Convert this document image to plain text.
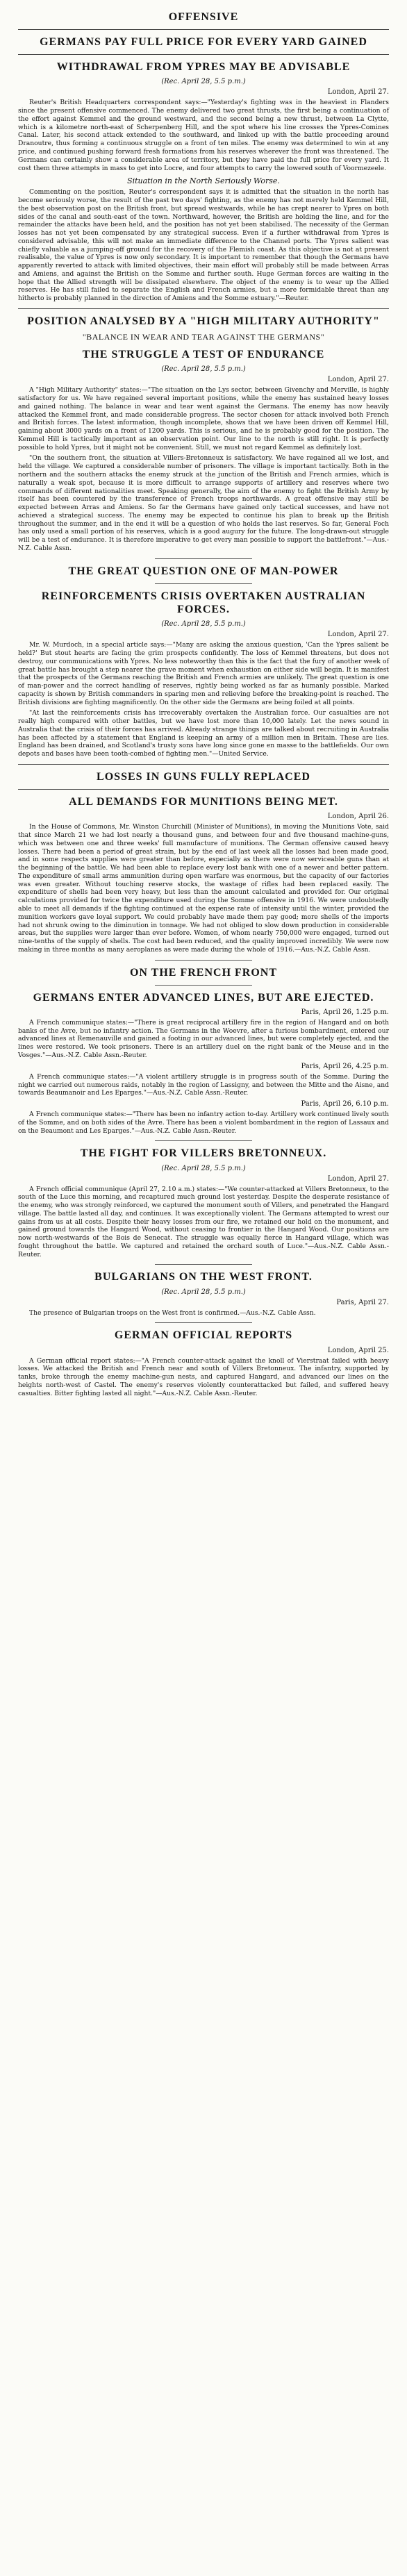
OFFENSIVE
GERMANS PAY FULL PRICE FOR EVERY YARD GAINED
WITHDRAWAL FROM YPRES MAY BE ADVISABLE
(Rec. April 28, 5.5 p.m.)
London, April 27.

Reuter's British Headquarters correspondent says:—"Yesterday's fighting was in the heaviest in Flanders since the present offensive commenced. The enemy delivered two great thrusts, the first being a continuation of the effort against Kemmel and the ground westward, and the second being a new thrust, between La Clytte, which is a kilometre north-east of Scherpenberg Hill, and the spot where his line crosses the Ypres-Comines Canal. Later, his second attack extended to the southward, and linked up with the battle proceeding around Dranoutre, thus forming a continuous struggle on a front of ten miles. The enemy was determined to win at any price, and continued pushing forward fresh formations from his reserves wherever the front was threatened. The Germans can certainly show a considerable area of territory, but they have paid the full price for every yard. It cost them three attempts in mass to get into Locre, and four attempts to carry the lowered south of Voormezeele.

Situation in the North Seriously Worse.

Commenting on the position, Reuter's correspondent says it is admitted that the situation in the north has become seriously worse, the result of the past two days' fighting, as the enemy has not merely held Kemmel Hill, the best observation post on the British front, but spread westwards, while he has crept nearer to Ypres on both sides of the canal and south-east of the town. Northward, however, the British are holding the line, and for the remainder the attacks have been held, and the position has not yet been stabilised. The necessity of the German losses has not yet been compensated by any strategical success. Even if a further withdrawal from Ypres is considered advisable, this will not make an immediate difference to the Channel ports. The Ypres salient was chiefly valuable as a jumping-off ground for the recovery of the Flemish coast. As this objective is not at present realisable, the value of Ypres is now only secondary. It is important to remember that though the Germans have apparently reverted to attack with limited objectives, their main effort will probably still be made between Arras and Amiens, and against the British on the Somme and further south. Huge German forces are waiting in the hope that the Allied strength will be dissipated elsewhere. The object of the enemy is to wear up the Allied reserves. He has still failed to separate the English and French armies, but a more formidable threat than any hitherto is probably planned in the direction of Amiens and the Somme estuary."—Reuter.

POSITION ANALYSED BY A "HIGH MILITARY AUTHORITY"
"BALANCE IN WEAR AND TEAR AGAINST THE GERMANS"
THE STRUGGLE A TEST OF ENDURANCE
(Rec. April 28, 5.5 p.m.)
London, April 27.

A "High Military Authority" states:—"The situation on the Lys sector, between Givenchy and Merville, is highly satisfactory for us. We have regained several important positions, while the enemy has sustained heavy losses and gained nothing. The balance in wear and tear went against the Germans. The enemy has now heavily attacked the Kemmel front, and made considerable progress. The sector chosen for attack involved both French and British forces. The latest information, though incomplete, shows that we have been driven off Kemmel Hill, gaining about 3000 yards on a front of 1200 yards. This is serious, and he is probably good for the position. The Kemmel Hill is tactically important as an observation point. Our line to the north is still right. It is perfectly possible to hold Ypres, but it might not be convenient. Still, we must not regard Kemmel as definitely lost.

"On the southern front, the situation at Villers-Bretonneux is satisfactory. We have regained all we lost, and held the village. We captured a considerable number of prisoners. The village is important tactically. Both in the northern and the southern attacks the enemy struck at the junction of the British and French armies, which is naturally a weak spot, because it is more difficult to arrange supports of artillery and reserves where two commands of different nationalities meet. Speaking generally, the aim of the enemy to fight the British Army by itself has been countered by the transference of French troops northwards. A great offensive may still be expected between Arras and Amiens. So far the Germans have gained only tactical successes, and have not achieved a strategical success. The enemy may be expected to continue his plan to break up the British throughout the summer, and in the end it will be a question of who holds the last reserves. So far, General Foch has only used a small portion of his reserves, which is a good augury for the future. The long-drawn-out struggle will be a test of endurance. It is therefore imperative to get every man possible to support the battlefront."—Aus.-N.Z. Cable Assn.

THE GREAT QUESTION ONE OF MAN-POWER
REINFORCEMENTS CRISIS OVERTAKEN AUSTRALIAN FORCES.
(Rec. April 28, 5.5 p.m.)
London, April 27.

Mr. W. Murdoch, in a special article says:—"Many are asking the anxious question, 'Can the Ypres salient be held?' But stout hearts are facing the grim prospects confidently. The loss of Kemmel threatens, but does not destroy, our communications with Ypres. No less noteworthy than this is the fact that the fury of another week of great battle has brought a step nearer the grave moment when exhaustion on either side will begin. It is manifest that the prospects of the Germans reaching the British and French armies are unlikely. The great question is one of man-power and the correct handling of reserves, rightly being worked as far as humanly possible. Marked capacity is shown by British commanders in sparing men and relieving before the breaking-point is reached. The British divisions are fighting magnificently. On the other side the Germans are being foiled at all points.

"At last the reinforcements crisis has irrecoverably overtaken the Australian force. Our casualties are not really high compared with other battles, but we have lost more than 10,000 lately. Let the news sound in Australia that the crisis of their forces has arrived. Already strange things are talked about recruiting in Australia has been affected by a statement that England is keeping an army of a million men in Britain. These are lies. England has been drained, and Scotland's trusty sons have long since gone en masse to the battlefields. Our own depots and bases have been tooth-combed of fighting men."—United Service.

LOSSES IN GUNS FULLY REPLACED
ALL DEMANDS FOR MUNITIONS BEING MET.
London, April 26.

In the House of Commons, Mr. Winston Churchill (Minister of Munitions), in moving the Munitions Vote, said that since March 21 we had lost nearly a thousand guns, and between four and five thousand machine-guns, which was between one and three weeks' full manufacture of munitions. The German offensive caused heavy losses. There had been a period of great strain, but by the end of last week all the losses had been made good, and in some respects supplies were greater than before, especially as there were now serviceable guns than at the beginning of the battle. We had been able to replace every lost bank with one of a newer and better pattern. The expenditure of small arms ammunition during open warfare was enormous, but the capacity of our factories was even greater. Without touching reserve stocks, the wastage of rifles had been replaced easily. The expenditure of shells had been very heavy, but less than the amount calculated and provided for. Our original calculations provided for twice the expenditure used during the Somme offensive in 1916. We were undoubtedly able to meet all demands if the fighting continued at the expense rate of intensity until the winter, provided the munition workers gave loyal support. We could probably have made them pay good; more shells of the imports had not shrunk owing to the diminution in tonnage. We had not obliged to slow down production in considerable areas, but the supplies were larger than ever before. Women, of whom nearly 750,000 were engaged, turned out nine-tenths of the supply of shells. The cost had been reduced, and the quality improved incredibly. We were now making in three months as many aeroplanes as were made during the whole of 1916.—Aus.-N.Z. Cable Assn.

ON THE FRENCH FRONT
GERMANS ENTER ADVANCED LINES, BUT ARE EJECTED.
Paris, April 26, 1.25 p.m.

A French communique states:—"There is great reciprocal artillery fire in the region of Hangard and on both banks of the Avre, but no infantry action. The Germans in the Woevre, after a furious bombardment, entered our advanced lines at Remenauville and gained a footing in our advanced lines, but were completely ejected, and the lines were restored. We took prisoners. There is an artillery duel on the right bank of the Meuse and in the Vosges."—Aus.-N.Z. Cable Assn.-Reuter.

Paris, April 26, 4.25 p.m.

A French communique states:—"A violent artillery struggle is in progress south of the Somme. During the night we carried out numerous raids, notably in the region of Lassigny, and between the Mitte and the Aisne, and towards Beaumanoir and Les Eparges."—Aus.-N.Z. Cable Assn.-Reuter.

Paris, April 26, 6.10 p.m.

A French communique states:—"There has been no infantry action to-day. Artillery work continued lively south of the Somme, and on both sides of the Avre. There has been a violent bombardment in the region of Lassaux and on the Beaumont and Les Eparges."—Aus.-N.Z. Cable Assn.-Reuter.

THE FIGHT FOR VILLERS BRETONNEUX.
(Rec. April 28, 5.5 p.m.)
London, April 27.

A French official communique (April 27, 2.10 a.m.) states:—"We counter-attacked at Villers Bretonneux, to the south of the Luce this morning, and recaptured much ground lost yesterday. Despite the desperate resistance of the enemy, who was strongly reinforced, we captured the monument south of Villers, and penetrated the Hangard village. The battle lasted all day, and continues. It was exceptionally violent. The Germans attempted to wrest our gains from us at all costs. Despite their heavy losses from our fire, we retained our hold on the monument, and gained ground towards the Hangard Wood, without ceasing to frontier in the Hangard Wood. Our positions are now north-westwards of the Bois de Senecat. The struggle was equally fierce in Hangard village, which was fought throughout the battle. We captured and retained the orchard south of Luce."—Aus.-N.Z. Cable Assn.-Reuter.

BULGARIANS ON THE WEST FRONT.
(Rec. April 28, 5.5 p.m.)
Paris, April 27.

The presence of Bulgarian troops on the West front is confirmed.—Aus.-N.Z. Cable Assn.

GERMAN OFFICIAL REPORTS
London, April 25.

A German official report states:—"A French counter-attack against the knoll of Vierstraat failed with heavy losses. We attacked the British and French near and south of Villers Bretonneux. The infantry, supported by tanks, broke through the enemy machine-gun nests, and captured Hangard, and advanced our lines on the heights north-west of Castel. The enemy's reserves violently counterattacked but failed, and suffered heavy casualties. Bitter fighting lasted all night."—Aus.-N.Z. Cable Assn.-Reuter.
